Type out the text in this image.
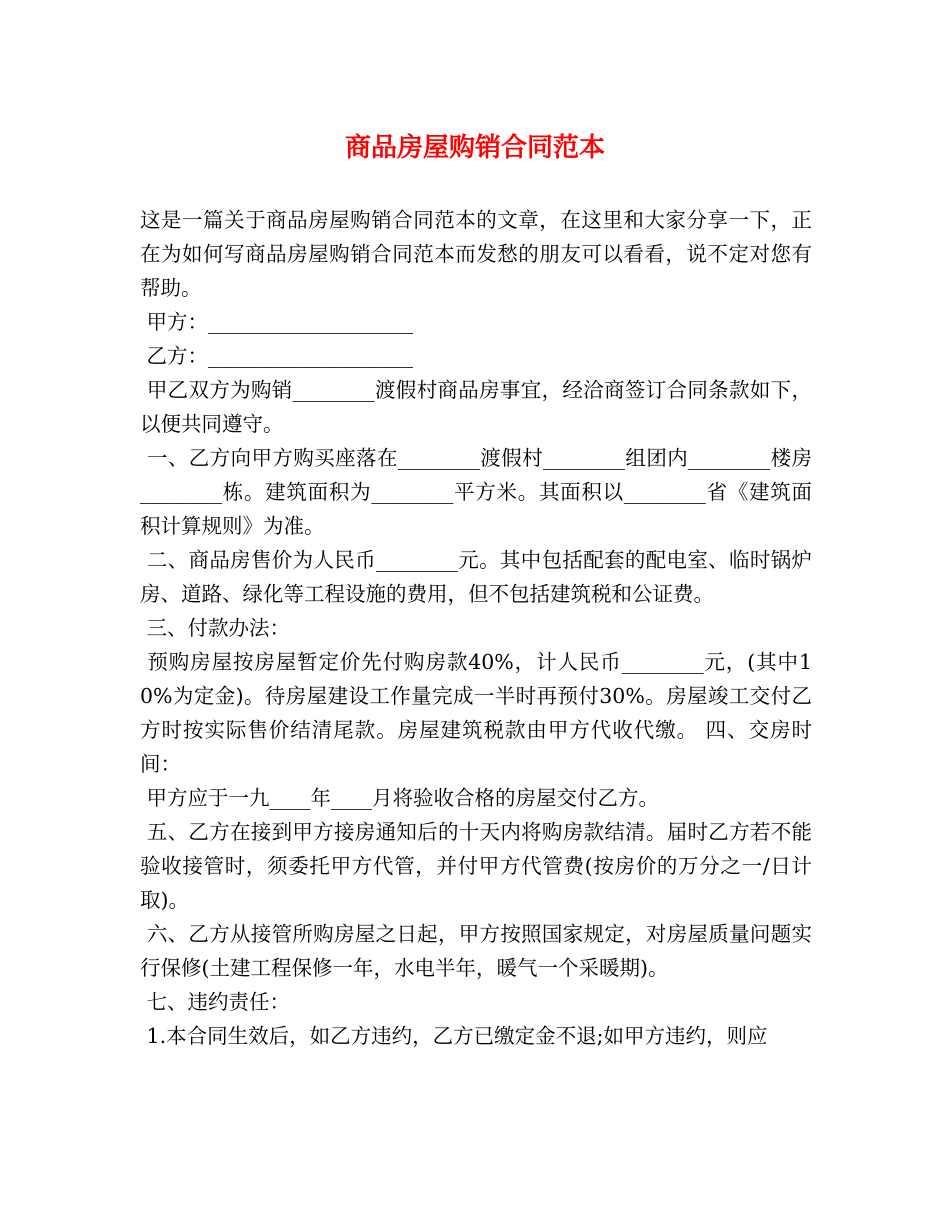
商品房屋购销合同范本

这是一篇关于商品房屋购销合同范本的文章，在这里和大家分享一下，正在为如何写商品房屋购销合同范本而发愁的朋友可以看看，说不定对您有帮助。

甲方：____________________

乙方：____________________

甲乙双方为购销________渡假村商品房事宜，经洽商签订合同条款如下，以便共同遵守。

一、乙方向甲方购买座落在________渡假村________组团内________楼房________栋。建筑面积为________平方米。其面积以________省《建筑面积计算规则》为准。

二、商品房售价为人民币________元。其中包括配套的配电室、临时锅炉房、道路、绿化等工程设施的费用，但不包括建筑税和公证费。

三、付款办法：

预购房屋按房屋暂定价先付购房款40%，计人民币________元，(其中10%为定金)。待房屋建设工作量完成一半时再预付30%。房屋竣工交付乙方时按实际售价结清尾款。房屋建筑税款由甲方代收代缴。 四、交房时间：

甲方应于一九____年____月将验收合格的房屋交付乙方。

五、乙方在接到甲方接房通知后的十天内将购房款结清。届时乙方若不能验收接管时，须委托甲方代管，并付甲方代管费(按房价的万分之一/日计取)。

六、乙方从接管所购房屋之日起，甲方按照国家规定，对房屋质量问题实行保修(土建工程保修一年，水电半年，暖气一个采暖期)。

七、违约责任：

1.本合同生效后，如乙方违约，乙方已缴定金不退;如甲方违约，则应
